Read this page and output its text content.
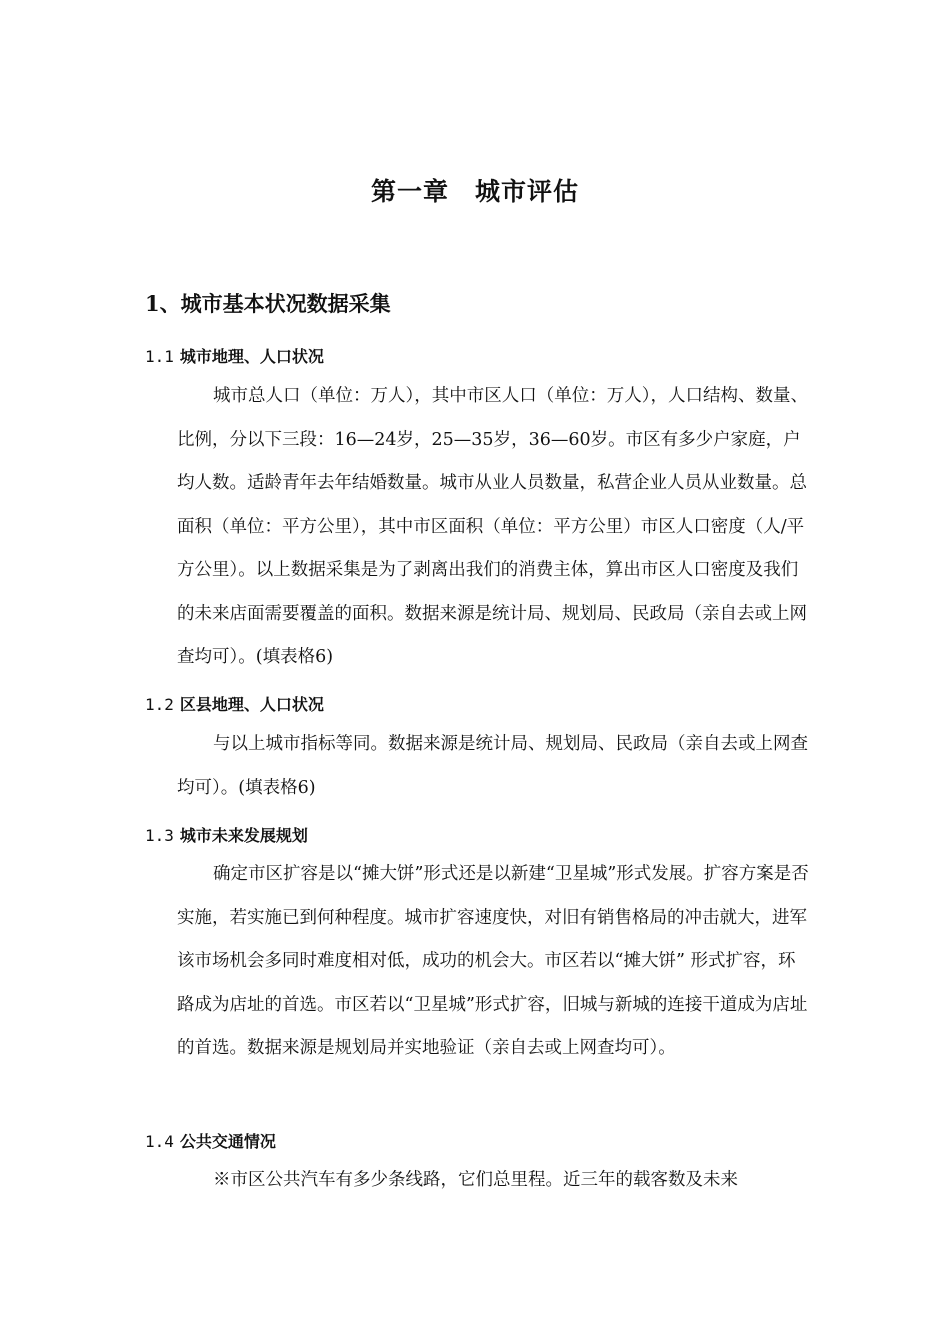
第一章　城市评估
1、城市基本状况数据采集
1.1 城市地理、人口状况

城市总人口（单位：万人），其中市区人口（单位：万人），人口结构、数量、比例，分以下三段：16—24岁，25—35岁，36—60岁。市区有多少户家庭，户均人数。适龄青年去年结婚数量。城市从业人员数量，私营企业人员从业数量。总面积（单位：平方公里），其中市区面积（单位：平方公里）市区人口密度（人/平方公里）。以上数据采集是为了剥离出我们的消费主体，算出市区人口密度及我们的未来店面需要覆盖的面积。数据来源是统计局、规划局、民政局（亲自去或上网查均可）。(填表格6)

1.2 区县地理、人口状况

与以上城市指标等同。数据来源是统计局、规划局、民政局（亲自去或上网查均可）。(填表格6)

1.3 城市未来发展规划

确定市区扩容是以“摊大饼”形式还是以新建“卫星城”形式发展。扩容方案是否实施，若实施已到何种程度。城市扩容速度快，对旧有销售格局的冲击就大，进军该市场机会多同时难度相对低，成功的机会大。市区若以“摊大饼” 形式扩容，环路成为店址的首选。市区若以“卫星城”形式扩容，旧城与新城的连接干道成为店址的首选。数据来源是规划局并实地验证（亲自去或上网查均可）。

1.4 公共交通情况

※市区公共汽车有多少条线路，它们总里程。近三年的载客数及未来
